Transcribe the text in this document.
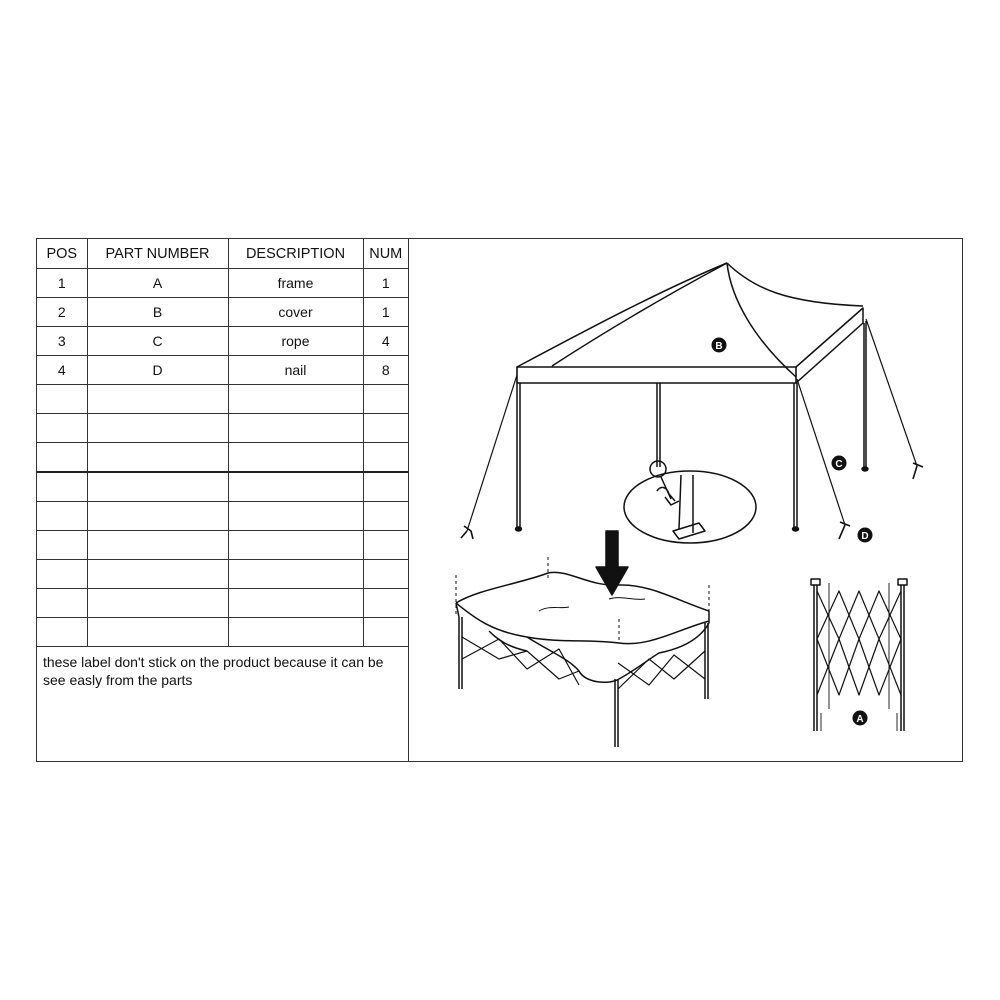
POS	PART NUMBER	DESCRIPTION	NUM
1	A	frame	1
2	B	cover	1
3	C	rope	4
4	D	nail	8

these label don't stick on the product because it can be see easly from the parts
B
C
D
A
